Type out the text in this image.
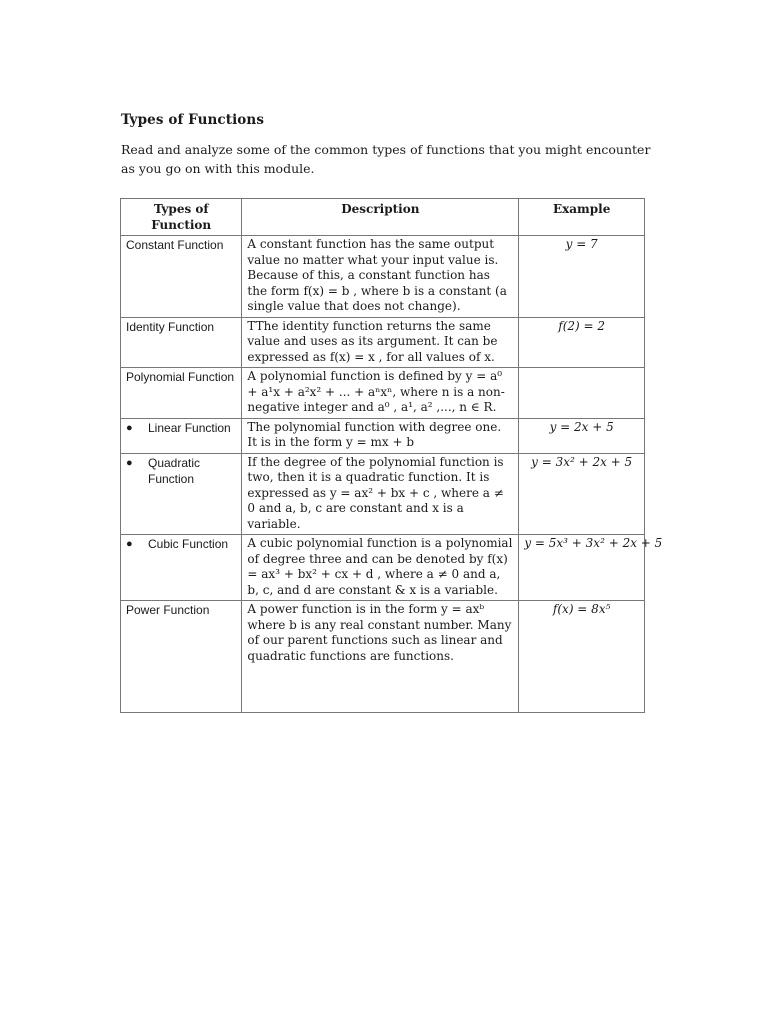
Types of Functions
Read and analyze some of the common types of functions that you might encounter as you go on with this module.
Types of Function	Description	Example
Constant Function	A constant function has the same output value no matter what your input value is. Because of this, a constant function has the form f(x) = b , where b is a constant (a single value that does not change).	y = 7
Identity Function	TThe identity function returns the same value and uses as its argument. It can be expressed as f(x) = x , for all values of x.	f(2) = 2
Polynomial Function	A polynomial function is defined by y = a⁰ + a¹x + a²x² + ... + aⁿxⁿ, where n is a non-negative integer and a⁰ , a¹, a² ,..., n ∈ R.	

● Linear Function	The polynomial function with degree one. It is in the form y = mx + b	y = 2x + 5

● Quadratic Function	If the degree of the polynomial function is two, then it is a quadratic function. It is expressed as y = ax² + bx + c , where a ≠ 0 and a, b, c are constant and x is a variable.	y = 3x² + 2x + 5

● Cubic Function	A cubic polynomial function is a polynomial of degree three and can be denoted by f(x) = ax³ + bx² + cx + d , where a ≠ 0 and a, b, c, and d are constant & x is a variable.	y = 5x³ + 3x² + 2x + 5
Power Function	A power function is in the form y = axᵇ where b is any real constant number. Many of our parent functions such as linear and quadratic functions are functions.	f(x) = 8x⁵
